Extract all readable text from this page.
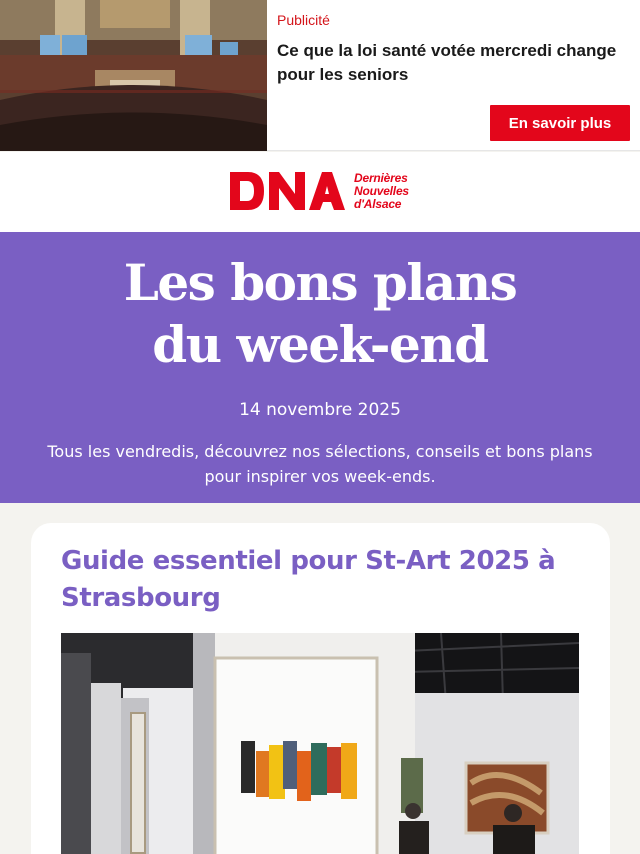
Publicité
Ce que la loi santé votée mercredi change pour les seniors
En savoir plus
Dernières
Nouvelles
d'Alsace
Les bons plans
du week-end
14 novembre 2025
Tous les vendredis, découvrez nos sélections, conseils et bons plans pour inspirer vos week-ends.
Guide essentiel pour St-Art 2025 à Strasbourg
